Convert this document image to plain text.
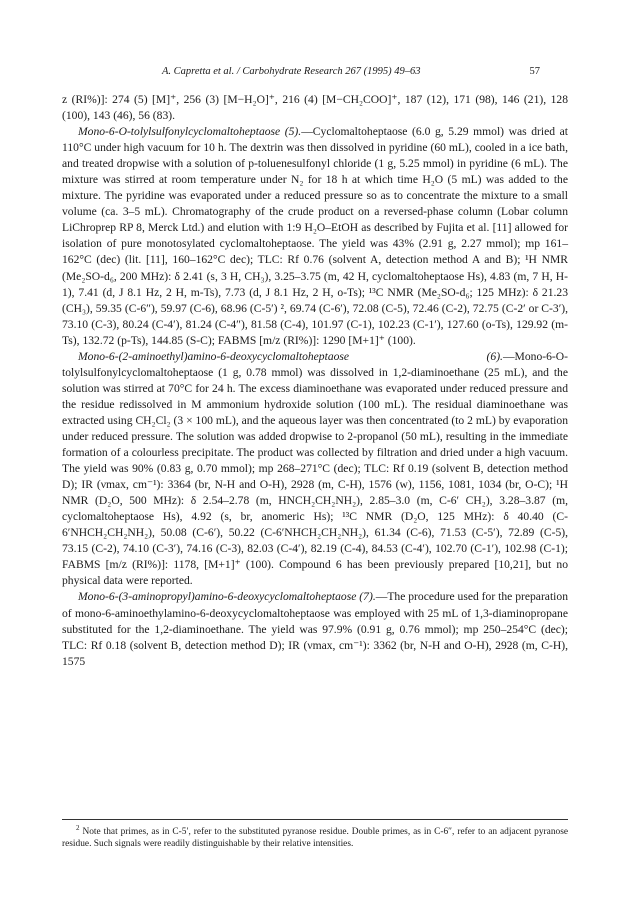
A. Capretta et al. / Carbohydrate Research 267 (1995) 49–63	57

z (RI%)]: 274 (5) [M]⁺, 256 (3) [M−H₂O]⁺, 216 (4) [M−CH₂COO]⁺, 187 (12), 171 (98), 146 (21), 128 (100), 143 (46), 56 (83).

Mono-6-O-tolylsulfonylcyclomaltoheptaose (5).—Cyclomaltoheptaose (6.0 g, 5.29 mmol) was dried at 110°C under high vacuum for 10 h. The dextrin was then dissolved in pyridine (60 mL), cooled in a ice bath, and treated dropwise with a solution of p-toluenesulfonyl chloride (1 g, 5.25 mmol) in pyridine (6 mL). The mixture was stirred at room temperature under N₂ for 18 h at which time H₂O (5 mL) was added to the mixture. The pyridine was evaporated under a reduced pressure so as to concentrate the mixture to a small volume (ca. 3–5 mL). Chromatography of the crude product on a reversed-phase column (Lobar column LiChroprep RP 8, Merck Ltd.) and elution with 1:9 H₂O–EtOH as described by Fujita et al. [11] allowed for isolation of pure monotosylated cyclomaltoheptaose. The yield was 43% (2.91 g, 2.27 mmol); mp 161–162°C (dec) (lit. [11], 160–162°C dec); TLC: Rf 0.76 (solvent A, detection method A and B); ¹H NMR (Me₂SO-d₆, 200 MHz): δ 2.41 (s, 3 H, CH₃), 3.25–3.75 (m, 42 H, cyclomaltoheptaose Hs), 4.83 (m, 7 H, H-1), 7.41 (d, J 8.1 Hz, 2 H, m-Ts), 7.73 (d, J 8.1 Hz, 2 H, o-Ts); ¹³C NMR (Me₂SO-d₆; 125 MHz): δ 21.23 (CH₃), 59.35 (C-6″), 59.97 (C-6), 68.96 (C-5′) ², 69.74 (C-6′), 72.08 (C-5), 72.46 (C-2), 72.75 (C-2′ or C-3′), 73.10 (C-3), 80.24 (C-4′), 81.24 (C-4″), 81.58 (C-4), 101.97 (C-1), 102.23 (C-1′), 127.60 (o-Ts), 129.92 (m-Ts), 132.72 (p-Ts), 144.85 (S-C); FABMS [m/z (RI%)]: 1290 [M+1]⁺ (100).

Mono-6-(2-aminoethyl)amino-6-deoxycyclomaltoheptaose (6).—Mono-6-O-tolylsulfonylcyclomaltoheptaose (1 g, 0.78 mmol) was dissolved in 1,2-diaminoethane (25 mL), and the solution was stirred at 70°C for 24 h. The excess diaminoethane was evaporated under reduced pressure and the residue redissolved in M ammonium hydroxide solution (100 mL). The residual diaminoethane was extracted using CH₂Cl₂ (3 × 100 mL), and the aqueous layer was then concentrated (to 2 mL) by evaporation under reduced pressure. The solution was added dropwise to 2-propanol (50 mL), resulting in the immediate formation of a colourless precipitate. The product was collected by filtration and dried under a high vacuum. The yield was 90% (0.83 g, 0.70 mmol); mp 268–271°C (dec); TLC: Rf 0.19 (solvent B, detection method D); IR (νmax, cm⁻¹): 3364 (br, N-H and O-H), 2928 (m, C-H), 1576 (w), 1156, 1081, 1034 (br, O-C); ¹H NMR (D₂O, 500 MHz): δ 2.54–2.78 (m, HNCH₂CH₂NH₂), 2.85–3.0 (m, C-6′ CH₂), 3.28–3.87 (m, cyclomaltoheptaose Hs), 4.92 (s, br, anomeric Hs); ¹³C NMR (D₂O, 125 MHz): δ 40.40 (C-6′NHCH₂CH₂NH₂), 50.08 (C-6′), 50.22 (C-6′NHCH₂CH₂NH₂), 61.34 (C-6), 71.53 (C-5′), 72.89 (C-5), 73.15 (C-2), 74.10 (C-3′), 74.16 (C-3), 82.03 (C-4′), 82.19 (C-4), 84.53 (C-4′), 102.70 (C-1′), 102.98 (C-1); FABMS [m/z (RI%)]: 1178, [M+1]⁺ (100). Compound 6 has been previously prepared [10,21], but no physical data were reported.

Mono-6-(3-aminopropyl)amino-6-deoxycyclomaltoheptaose (7).—The procedure used for the preparation of mono-6-aminoethylamino-6-deoxycyclomaltoheptaose was employed with 25 mL of 1,3-diaminopropane substituted for the 1,2-diaminoethane. The yield was 97.9% (0.91 g, 0.76 mmol); mp 250–254°C (dec); TLC: Rf 0.18 (solvent B, detection method D); IR (νmax, cm⁻¹): 3362 (br, N-H and O-H), 2928 (m, C-H), 1575

$^2$ Note that primes, as in C-5′, refer to the substituted pyranose residue. Double primes, as in C-6″, refer to an adjacent pyranose residue. Such signals were readily distinguishable by their relative intensities.
